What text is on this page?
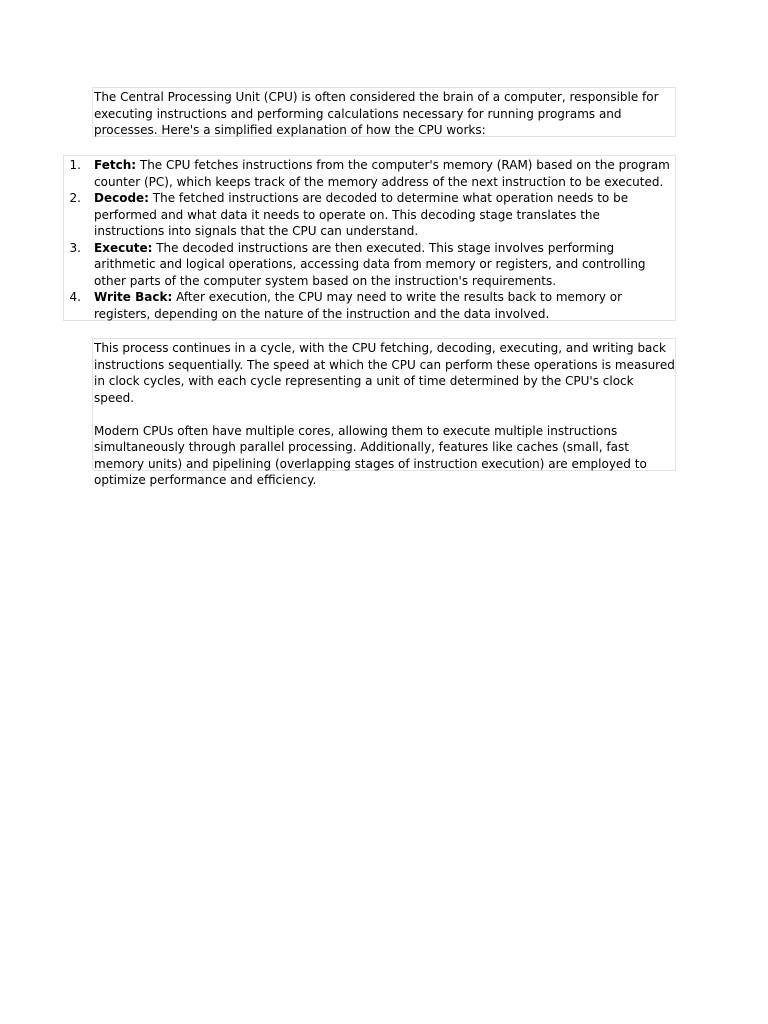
The Central Processing Unit (CPU) is often considered the brain of a computer, responsible for executing instructions and performing calculations necessary for running programs and processes. Here's a simplified explanation of how the CPU works:

1. Fetch: The CPU fetches instructions from the computer's memory (RAM) based on the program counter (PC), which keeps track of the memory address of the next instruction to be executed.
2. Decode: The fetched instructions are decoded to determine what operation needs to be performed and what data it needs to operate on. This decoding stage translates the instructions into signals that the CPU can understand.
3. Execute: The decoded instructions are then executed. This stage involves performing arithmetic and logical operations, accessing data from memory or registers, and controlling other parts of the computer system based on the instruction's requirements.
4. Write Back: After execution, the CPU may need to write the results back to memory or registers, depending on the nature of the instruction and the data involved.

This process continues in a cycle, with the CPU fetching, decoding, executing, and writing back instructions sequentially. The speed at which the CPU can perform these operations is measured in clock cycles, with each cycle representing a unit of time determined by the CPU's clock speed.

Modern CPUs often have multiple cores, allowing them to execute multiple instructions simultaneously through parallel processing. Additionally, features like caches (small, fast memory units) and pipelining (overlapping stages of instruction execution) are employed to optimize performance and efficiency.
